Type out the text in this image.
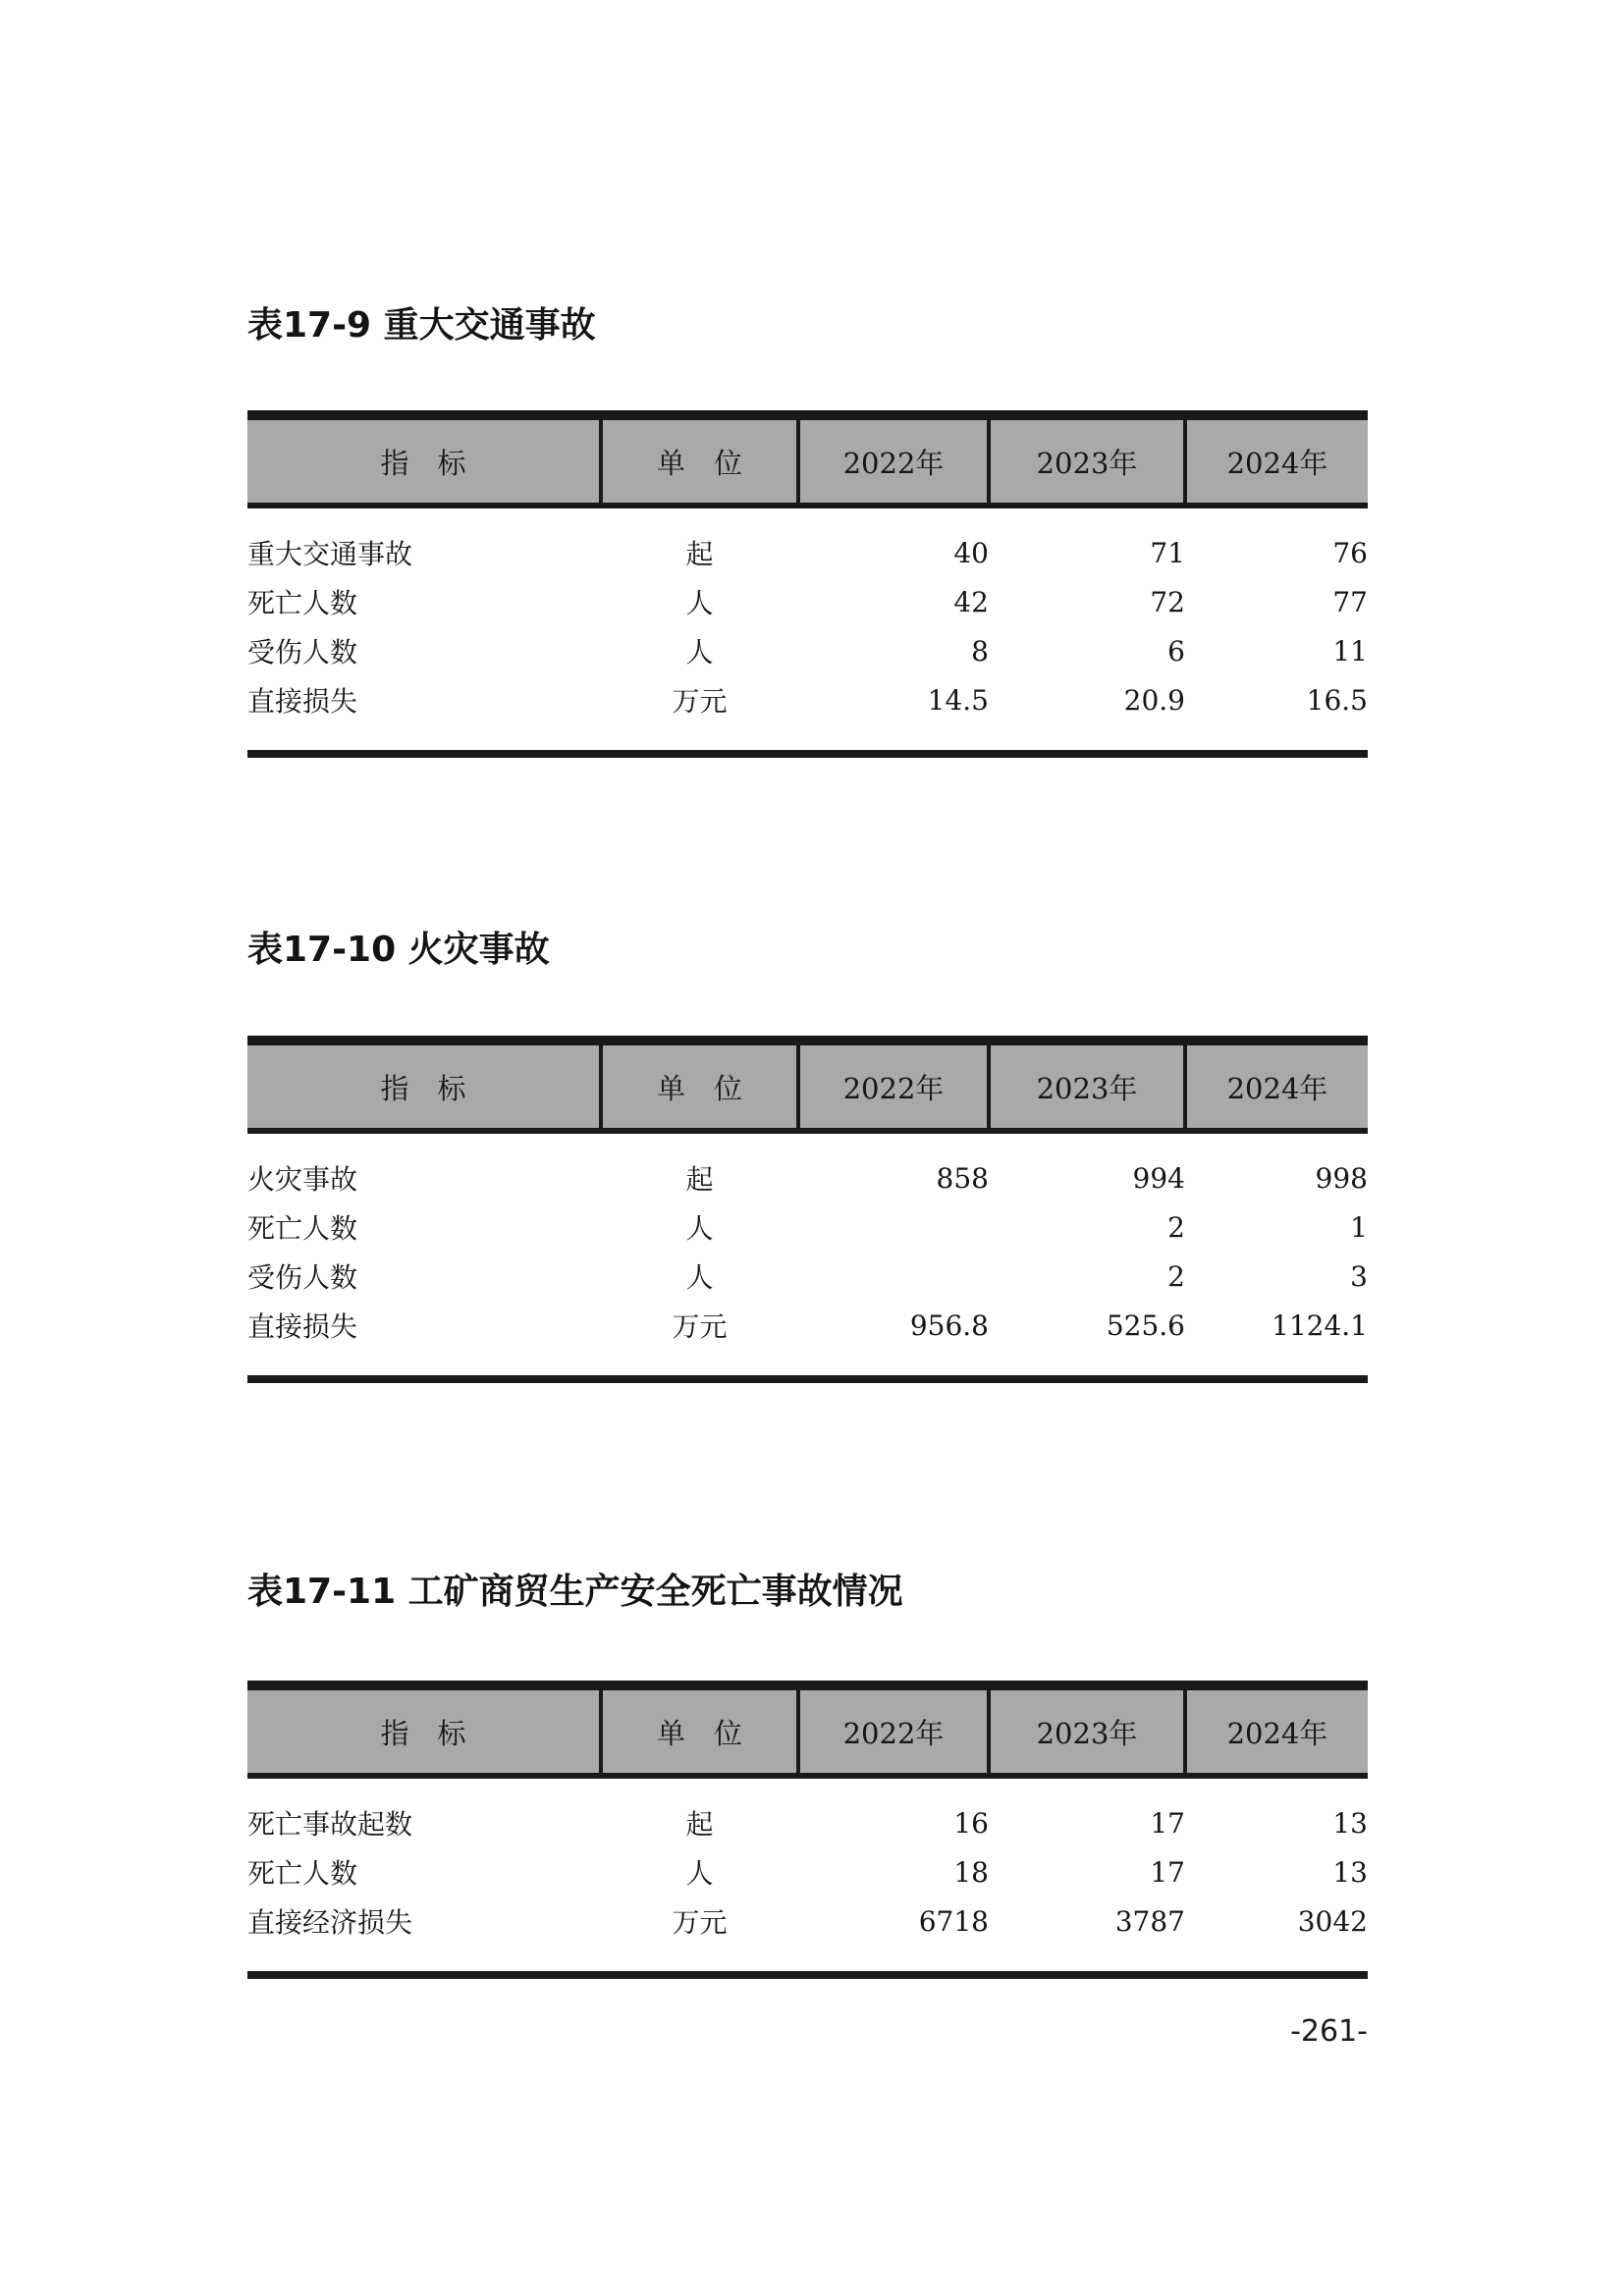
表17-9 重大交通事故
指　标	单　位	2022年	2023年	2024年
重大交通事故	起	40	71	76
死亡人数	人	42	72	77
受伤人数	人	8	6	11
直接损失	万元	14.5	20.9	16.5
表17-10 火灾事故
指　标	单　位	2022年	2023年	2024年
火灾事故	起	858	994	998
死亡人数	人		2	1
受伤人数	人		2	3
直接损失	万元	956.8	525.6	1124.1
表17-11 工矿商贸生产安全死亡事故情况
指　标	单　位	2022年	2023年	2024年
死亡事故起数	起	16	17	13
死亡人数	人	18	17	13
直接经济损失	万元	6718	3787	3042
-261-
